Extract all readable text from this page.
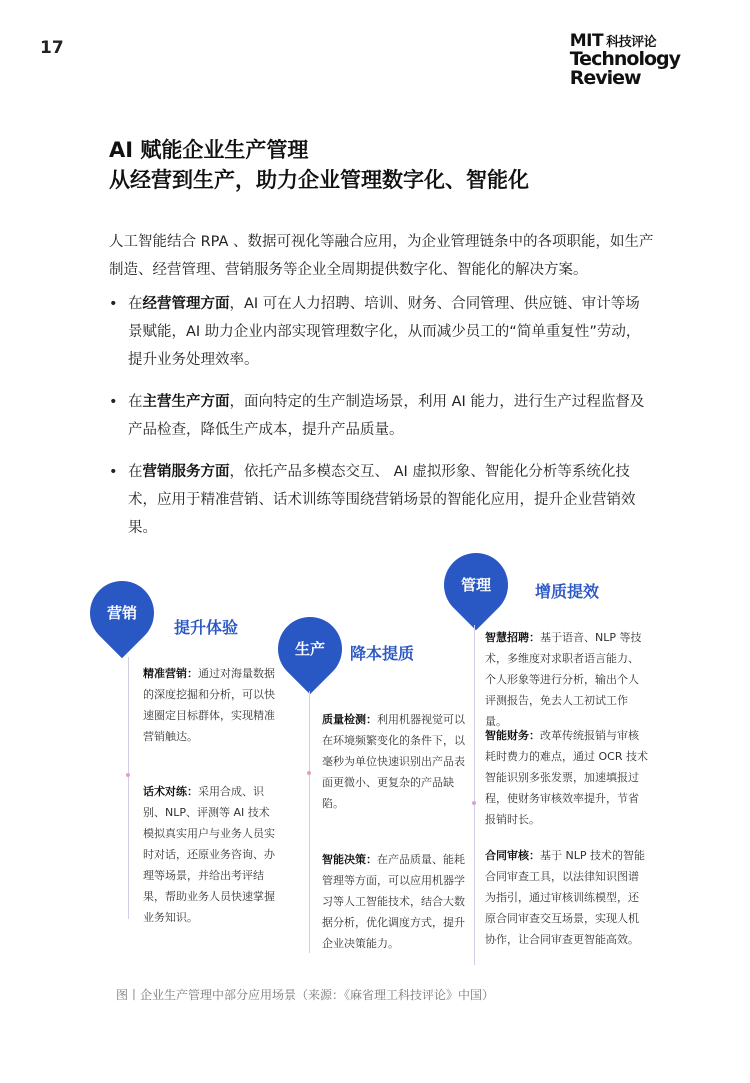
17	MIT 科技评论
Technology
Review
AI 赋能企业生产管理
从经营到生产，助力企业管理数字化、智能化
人工智能结合 RPA 、数据可视化等融合应用，为企业管理链条中的各项职能，如生产制造、经营管理、营销服务等企业全周期提供数字化、智能化的解决方案。
• 在经营管理方面，AI 可在人力招聘、培训、财务、合同管理、供应链、审计等场景赋能，AI 助力企业内部实现管理数字化，从而减少员工的“简单重复性”劳动，提升业务处理效率。
• 在主营生产方面，面向特定的生产制造场景，利用 AI 能力，进行生产过程监督及产品检查，降低生产成本，提升产品质量。
• 在营销服务方面，依托产品多模态交互、 AI 虚拟形象、智能化分析等系统化技术，应用于精准营销、话术训练等围绕营销场景的智能化应用，提升企业营销效果。
营销
提升体验
精准营销：通过对海量数据的深度挖掘和分析，可以快速圈定目标群体，实现精准营销触达。
话术对练：采用合成、识别、NLP、评测等 AI 技术模拟真实用户与业务人员实时对话，还原业务咨询、办理等场景，并给出考评结果，帮助业务人员快速掌握业务知识。
生产	降本提质
质量检测：利用机器视觉可以在环境频繁变化的条件下，以毫秒为单位快速识别出产品表面更微小、更复杂的产品缺陷。
智能决策：在产品质量、能耗管理等方面，可以应用机器学习等人工智能技术，结合大数据分析，优化调度方式，提升企业决策能力。
管理	增质提效
智慧招聘：基于语音、NLP 等技术，多维度对求职者语言能力、个人形象等进行分析，输出个人评测报告，免去人工初试工作量。
智能财务：改革传统报销与审核耗时费力的难点，通过 OCR 技术智能识别多张发票，加速填报过程，使财务审核效率提升，节省报销时长。
合同审核：基于 NLP 技术的智能合同审查工具，以法律知识图谱为指引，通过审核训练模型，还原合同审查交互场景，实现人机协作，让合同审查更智能高效。
图丨企业生产管理中部分应用场景（来源：《麻省理工科技评论》中国）
